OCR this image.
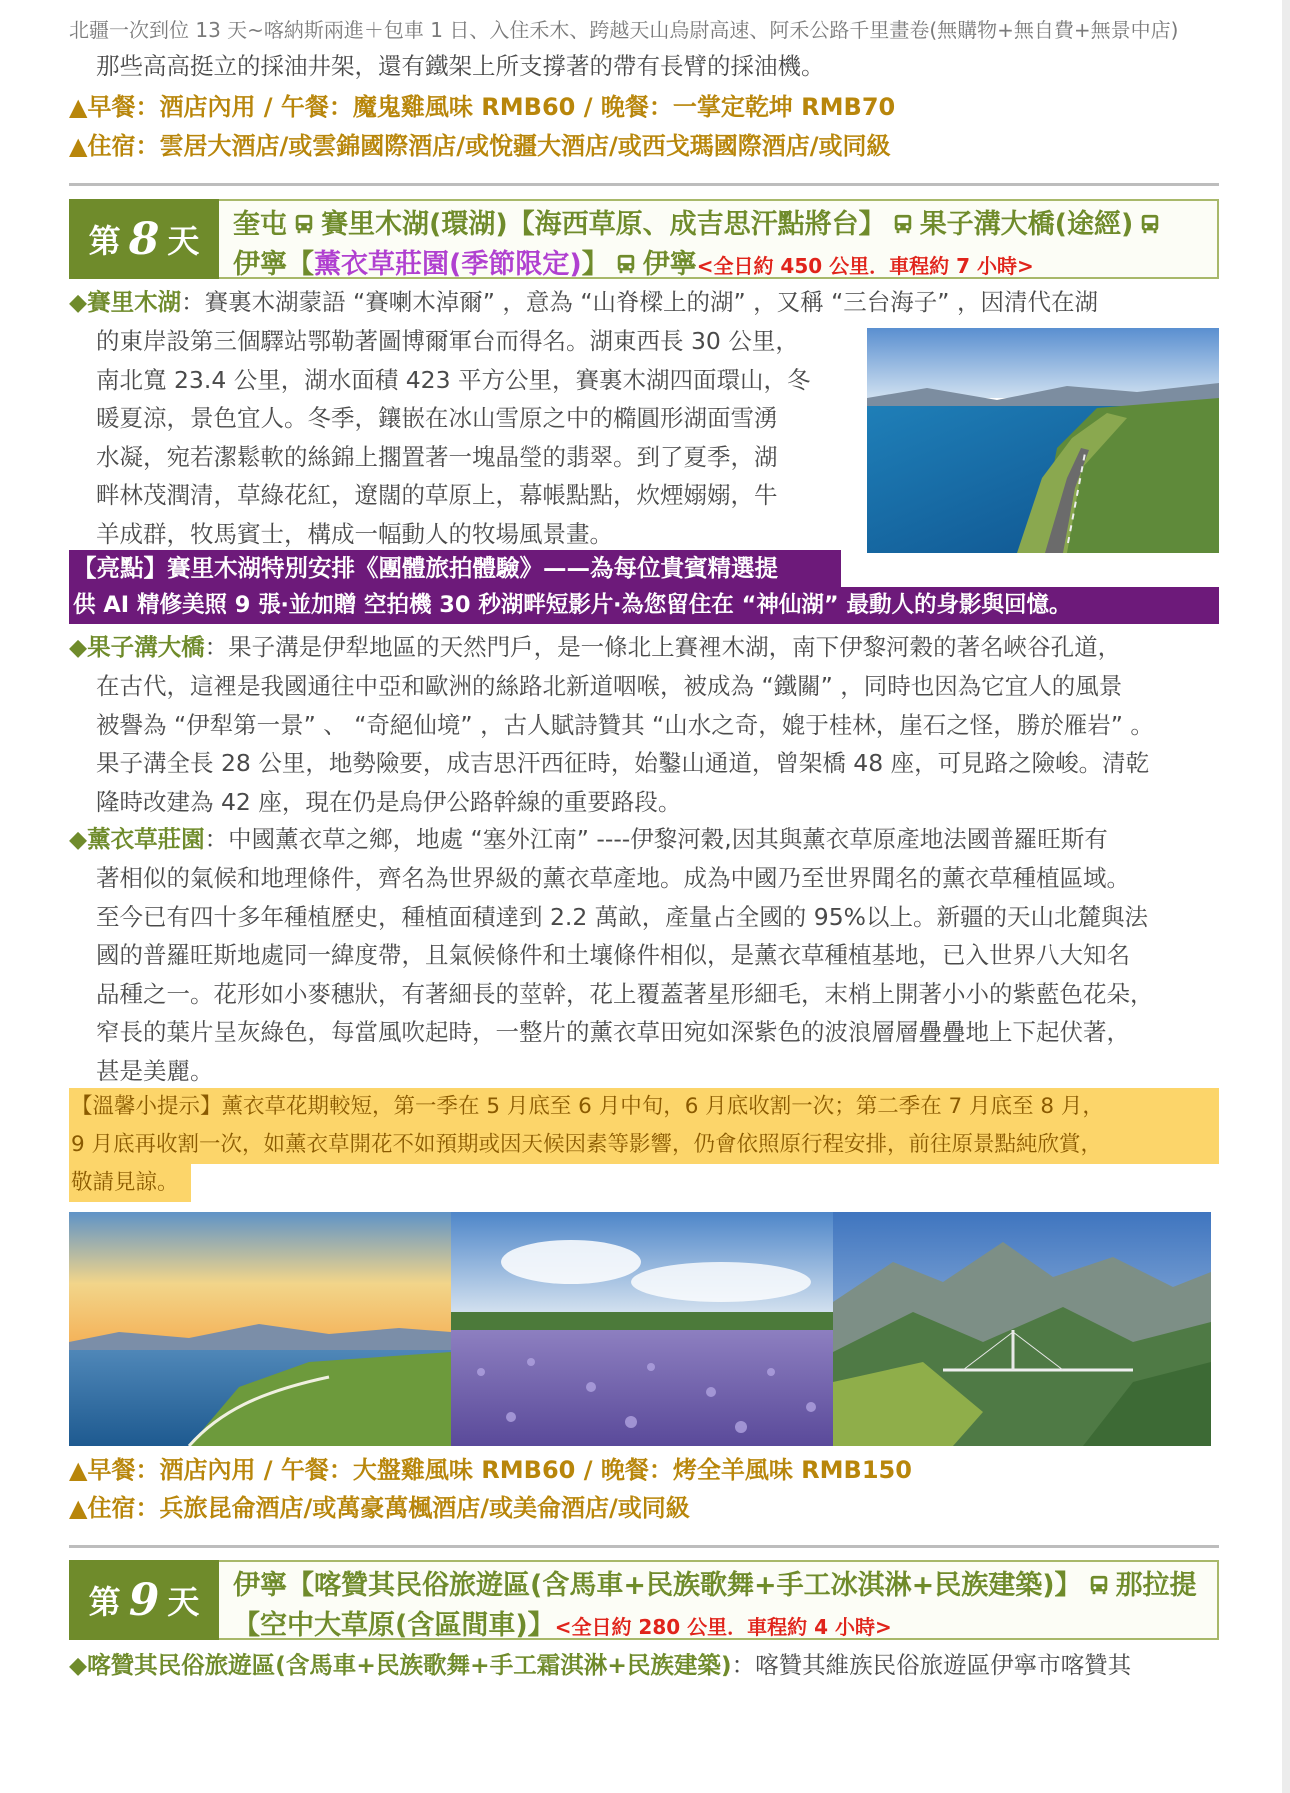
北疆一次到位 13 天~喀納斯兩進＋包車 1 日、入住禾木、跨越天山烏尉高速、阿禾公路千里畫卷(無購物+無自費+無景中店)
那些高高挺立的採油井架，還有鐵架上所支撐著的帶有長臂的採油機。
▲早餐：酒店內用 / 午餐：魔鬼雞風味 RMB60 / 晚餐：一掌定乾坤 RMB70
▲住宿：雲居大酒店/或雲錦國際酒店/或悅疆大酒店/或西戈瑪國際酒店/或同級
第 8 天 奎屯 賽里木湖(環湖)【海西草原、成吉思汗點將台】 果子溝大橋(途經)
伊寧【薰衣草莊園(季節限定)】 伊寧<全日約 450 公里．車程約 7 小時>
◆賽里木湖：賽裏木湖蒙語 “賽喇木淖爾” ，意為 “山脊樑上的湖” ，又稱 “三台海子” ，因清代在湖
的東岸設第三個驛站鄂勒著圖博爾軍台而得名。湖東西長 30 公里，
南北寬 23.4 公里，湖水面積 423 平方公里，賽裏木湖四面環山，冬
暖夏涼，景色宜人。冬季，鑲嵌在冰山雪原之中的橢圓形湖面雪湧
水凝，宛若潔鬆軟的絲錦上擱置著一塊晶瑩的翡翠。到了夏季，湖
畔林茂潤清，草綠花紅，遼闊的草原上，幕帳點點，炊煙嫋嫋，牛
羊成群，牧馬賓士，構成一幅動人的牧場風景畫。
【亮點】賽里木湖特別安排《團體旅拍體驗》——為每位貴賓精選提
供 AI 精修美照 9 張‧並加贈 空拍機 30 秒湖畔短影片‧為您留住在 “神仙湖” 最動人的身影與回憶。
◆果子溝大橋：果子溝是伊犁地區的天然門戶，是一條北上賽裡木湖，南下伊黎河穀的著名峽谷孔道，
在古代，這裡是我國通往中亞和歐洲的絲路北新道咽喉，被成為 “鐵關” ，同時也因為它宜人的風景
被譽為 “伊犁第一景” 、 “奇絕仙境” ，古人賦詩贊其 “山水之奇，媲于桂林，崖石之怪，勝於雁岩” 。
果子溝全長 28 公里，地勢險要，成吉思汗西征時，始鑿山通道，曾架橋 48 座，可見路之險峻。清乾
隆時改建為 42 座，現在仍是烏伊公路幹線的重要路段。
◆薰衣草莊園：中國薰衣草之鄉，地處 “塞外江南” ----伊黎河穀,因其與薰衣草原產地法國普羅旺斯有
著相似的氣候和地理條件，齊名為世界級的薰衣草產地。成為中國乃至世界聞名的薰衣草種植區域。
至今已有四十多年種植歷史，種植面積達到 2.2 萬畝，產量占全國的 95%以上。新疆的天山北麓與法
國的普羅旺斯地處同一緯度帶，且氣候條件和土壤條件相似，是薰衣草種植基地，已入世界八大知名
品種之一。花形如小麥穗狀，有著細長的莖幹，花上覆蓋著星形細毛，末梢上開著小小的紫藍色花朵，
窄長的葉片呈灰綠色，每當風吹起時，一整片的薰衣草田宛如深紫色的波浪層層疊疊地上下起伏著，
甚是美麗。
【溫馨小提示】薰衣草花期較短，第一季在 5 月底至 6 月中旬，6 月底收割一次；第二季在 7 月底至 8 月，
9 月底再收割一次，如薰衣草開花不如預期或因天候因素等影響，仍會依照原行程安排，前往原景點純欣賞，
敬請見諒。
▲早餐：酒店內用 / 午餐：大盤雞風味 RMB60 / 晚餐：烤全羊風味 RMB150
▲住宿：兵旅昆侖酒店/或萬豪萬楓酒店/或美侖酒店/或同級
第 9 天 伊寧【喀贊其民俗旅遊區(含馬車+民族歌舞+手工冰淇淋+民族建築)】 那拉提
【空中大草原(含區間車)】<全日約 280 公里．車程約 4 小時>
◆喀贊其民俗旅遊區(含馬車+民族歌舞+手工霜淇淋+民族建築)：喀贊其維族民俗旅遊區伊寧市喀贊其
